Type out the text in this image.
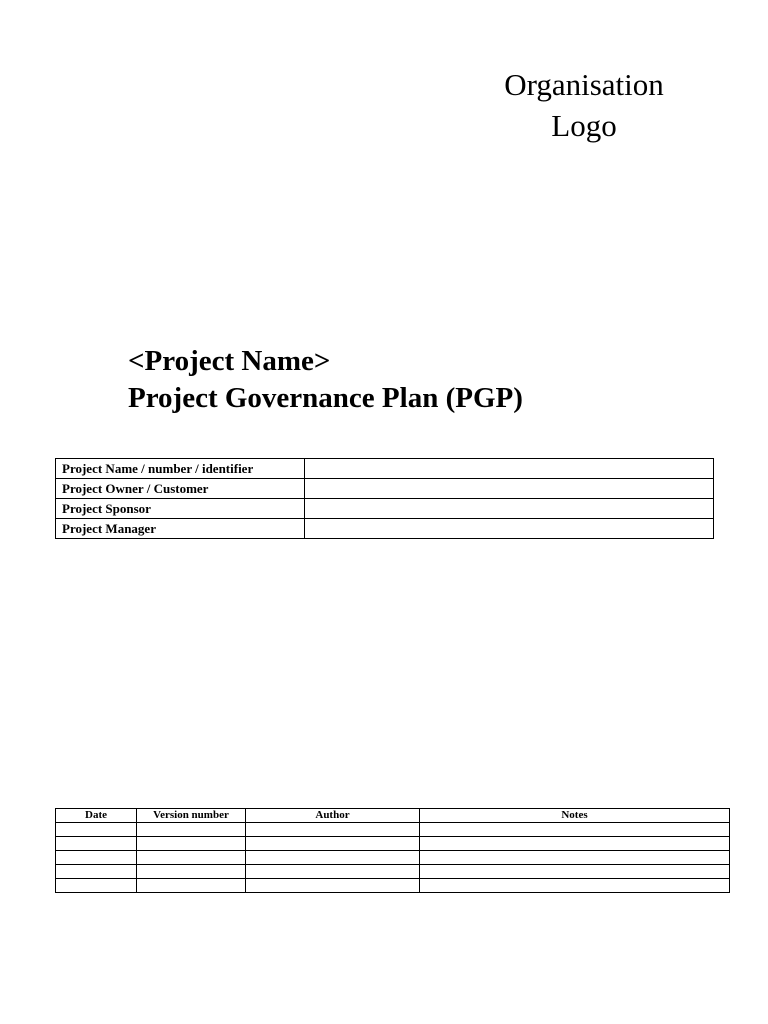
Organisation
Logo
<Project Name>
Project Governance Plan (PGP)
Project Name / number / identifier	
Project Owner / Customer	
Project Sponsor	
Project Manager	
Date	Version number	Author	Notes
